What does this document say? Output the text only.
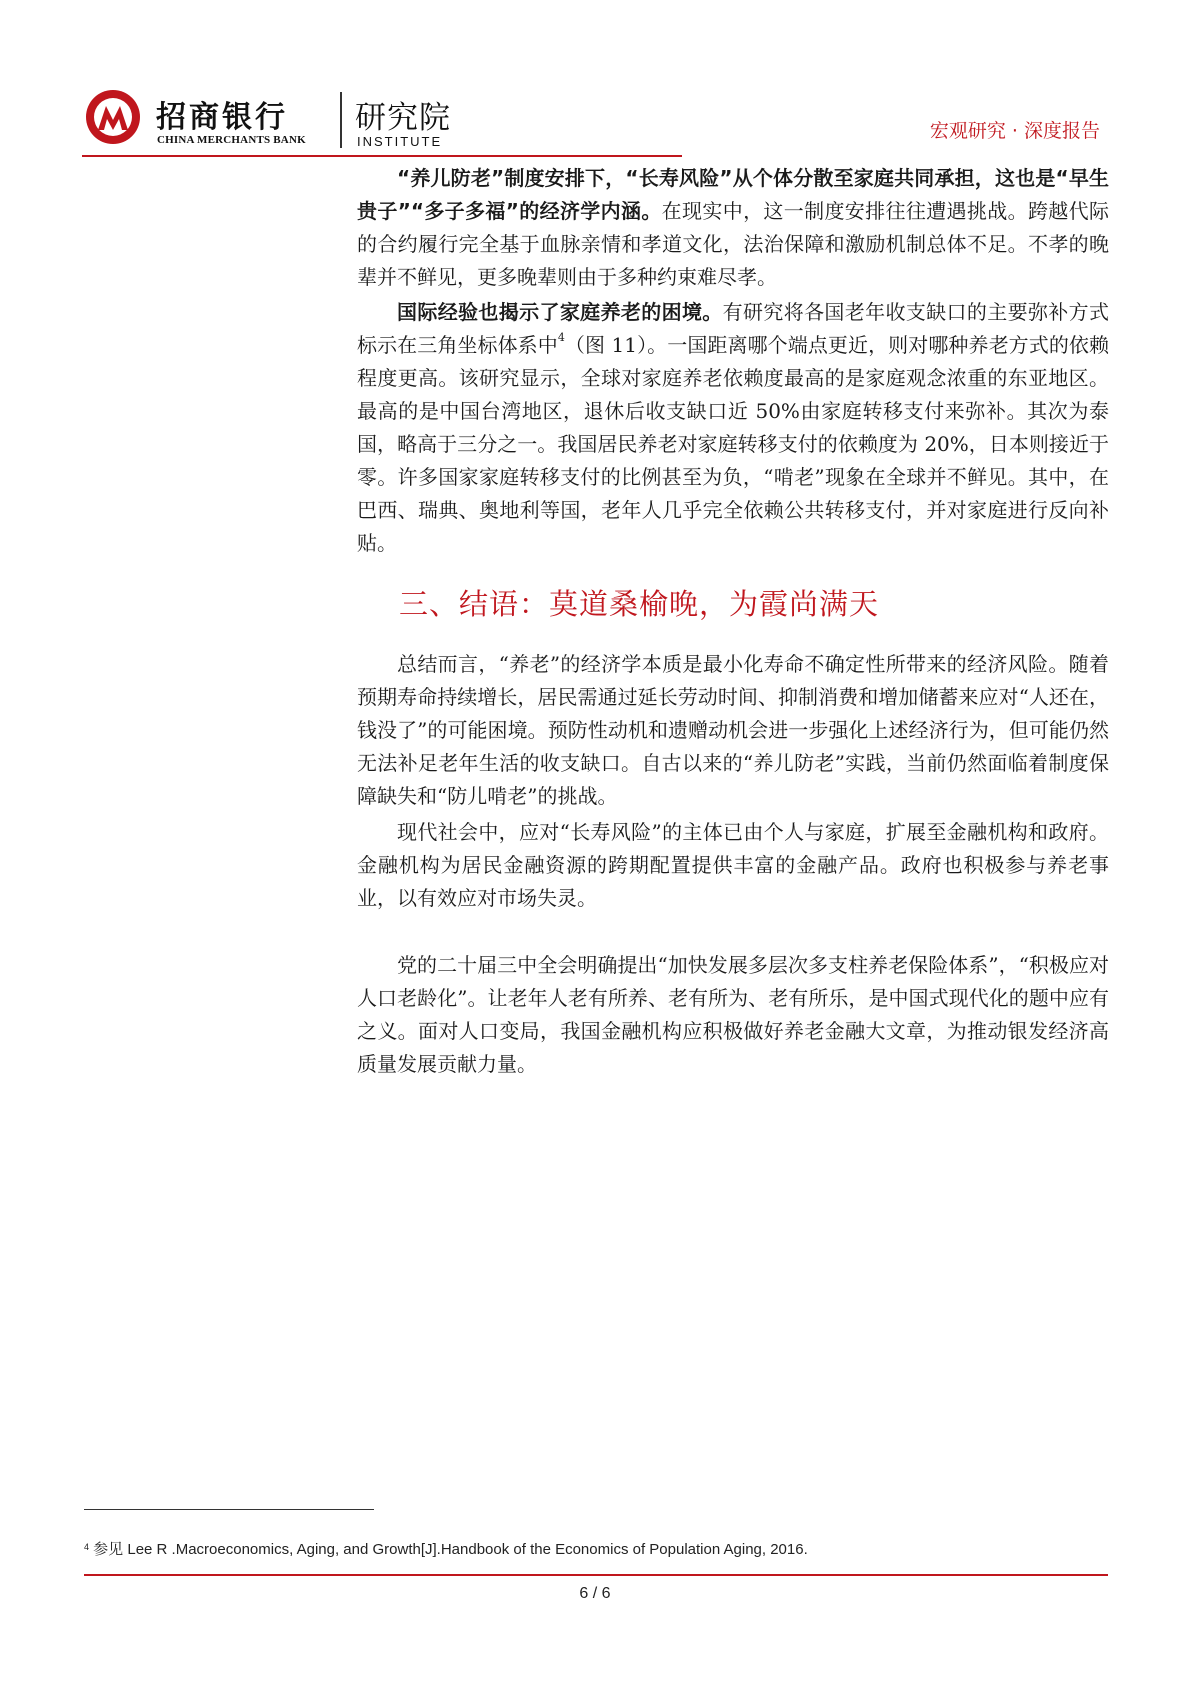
招商银行
CHINA MERCHANTS BANK
研究院
INSTITUTE	宏观研究 · 深度报告

“养儿防老”制度安排下，“长寿风险”从个体分散至家庭共同承担，这也是“早生贵子”“多子多福”的经济学内涵。在现实中，这一制度安排往往遭遇挑战。跨越代际的合约履行完全基于血脉亲情和孝道文化，法治保障和激励机制总体不足。不孝的晚辈并不鲜见，更多晚辈则由于多种约束难尽孝。

国际经验也揭示了家庭养老的困境。有研究将各国老年收支缺口的主要弥补方式标示在三角坐标体系中$^4$（图 11）。一国距离哪个端点更近，则对哪种养老方式的依赖程度更高。该研究显示，全球对家庭养老依赖度最高的是家庭观念浓重的东亚地区。最高的是中国台湾地区，退休后收支缺口近 50%由家庭转移支付来弥补。其次为泰国，略高于三分之一。我国居民养老对家庭转移支付的依赖度为 20%，日本则接近于零。许多国家家庭转移支付的比例甚至为负，“啃老”现象在全球并不鲜见。其中，在巴西、瑞典、奥地利等国，老年人几乎完全依赖公共转移支付，并对家庭进行反向补贴。

三、结语：莫道桑榆晚，为霞尚满天

总结而言，“养老”的经济学本质是最小化寿命不确定性所带来的经济风险。随着预期寿命持续增长，居民需通过延长劳动时间、抑制消费和增加储蓄来应对“人还在，钱没了”的可能困境。预防性动机和遗赠动机会进一步强化上述经济行为，但可能仍然无法补足老年生活的收支缺口。自古以来的“养儿防老”实践，当前仍然面临着制度保障缺失和“防儿啃老”的挑战。

现代社会中，应对“长寿风险”的主体已由个人与家庭，扩展至金融机构和政府。金融机构为居民金融资源的跨期配置提供丰富的金融产品。政府也积极参与养老事业，以有效应对市场失灵。

党的二十届三中全会明确提出“加快发展多层次多支柱养老保险体系”，“积极应对人口老龄化”。让老年人老有所养、老有所为、老有所乐，是中国式现代化的题中应有之义。面对人口变局，我国金融机构应积极做好养老金融大文章，为推动银发经济高质量发展贡献力量。

$^4$ 参见 Lee R .Macroeconomics, Aging, and Growth[J].Handbook of the Economics of Population Aging, 2016.
6 / 6
